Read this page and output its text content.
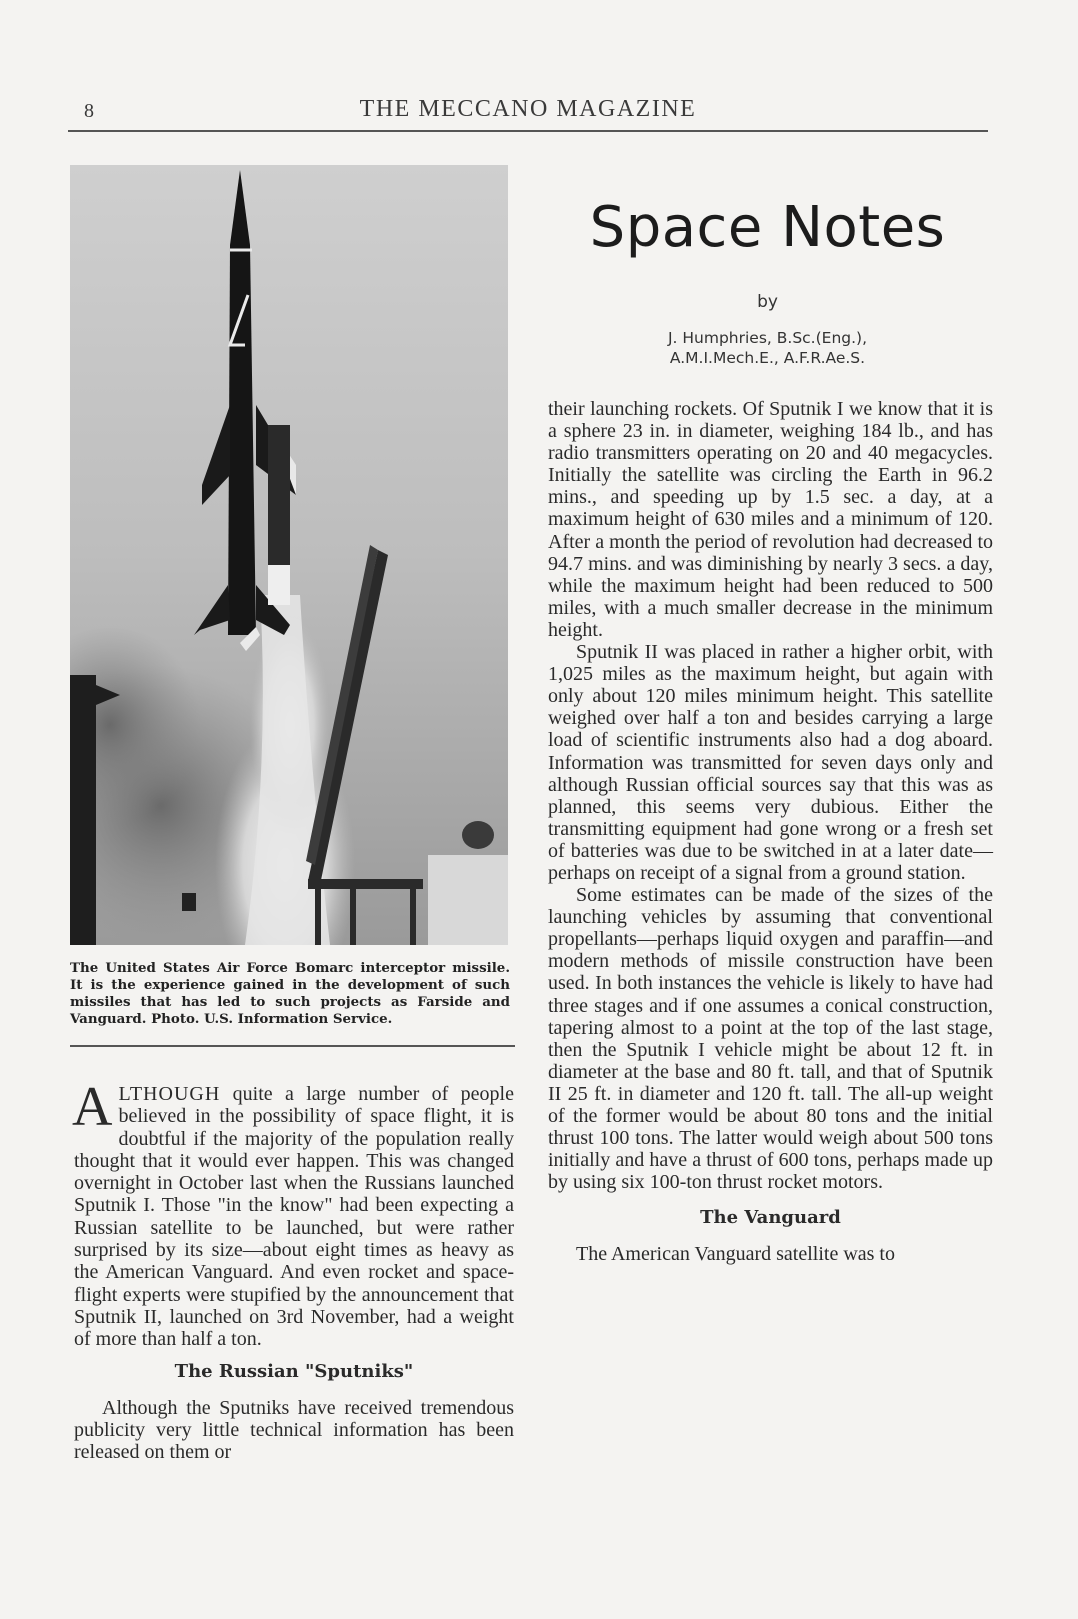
8	THE MECCANO MAGAZINE
The United States Air Force Bomarc interceptor missile. It is the experience gained in the development of such missiles that has led to such projects as Farside and Vanguard. Photo. U.S. Information Service.

ALTHOUGH quite a large number of people believed in the possibility of space flight, it is doubtful if the majority of the population really thought that it would ever happen. This was changed overnight in October last when the Russians launched Sputnik I. Those "in the know" had been expecting a Russian satellite to be launched, but were rather surprised by its size—about eight times as heavy as the American Vanguard. And even rocket and space-flight experts were stupified by the announcement that Sputnik II, launched on 3rd November, had a weight of more than half a ton.

The Russian "Sputniks"

Although the Sputniks have received tremendous publicity very little technical information has been released on them or

Space Notes
by
J. Humphries, B.Sc.(Eng.),
A.M.I.Mech.E., A.F.R.Ae.S.

their launching rockets. Of Sputnik I we know that it is a sphere 23 in. in diameter, weighing 184 lb., and has radio transmitters operating on 20 and 40 megacycles. Initially the satellite was circling the Earth in 96.2 mins., and speeding up by 1.5 sec. a day, at a maximum height of 630 miles and a minimum of 120. After a month the period of revolution had decreased to 94.7 mins. and was diminishing by nearly 3 secs. a day, while the maximum height had been reduced to 500 miles, with a much smaller decrease in the minimum height.

Sputnik II was placed in rather a higher orbit, with 1,025 miles as the maximum height, but again with only about 120 miles minimum height. This satellite weighed over half a ton and besides carrying a large load of scientific instruments also had a dog aboard. Information was transmitted for seven days only and although Russian official sources say that this was as planned, this seems very dubious. Either the transmitting equipment had gone wrong or a fresh set of batteries was due to be switched in at a later date—perhaps on receipt of a signal from a ground station.

Some estimates can be made of the sizes of the launching vehicles by assuming that conventional propellants—perhaps liquid oxygen and paraffin—and modern methods of missile construction have been used. In both instances the vehicle is likely to have had three stages and if one assumes a conical construction, tapering almost to a point at the top of the last stage, then the Sputnik I vehicle might be about 12 ft. in diameter at the base and 80 ft. tall, and that of Sputnik II 25 ft. in diameter and 120 ft. tall. The all-up weight of the former would be about 80 tons and the initial thrust 100 tons. The latter would weigh about 500 tons initially and have a thrust of 600 tons, perhaps made up by using six 100-ton thrust rocket motors.

The Vanguard

The American Vanguard satellite was to
